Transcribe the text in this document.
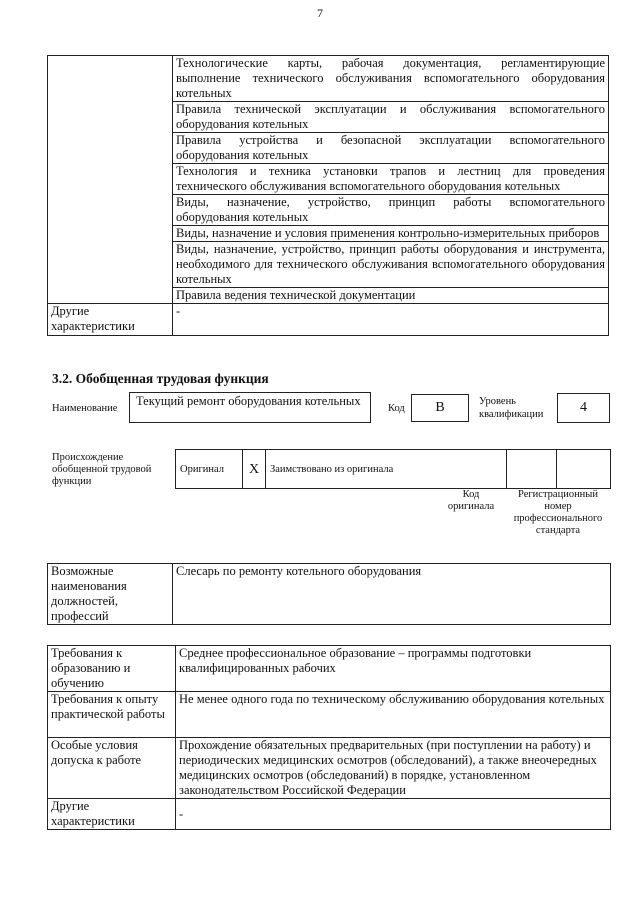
7
	Технологические карты, рабочая документация, регламентирующие выполнение технического обслуживания вспомогательного оборудования котельных
	Правила технической эксплуатации и обслуживания вспомогательного оборудования котельных
	Правила устройства и безопасной эксплуатации вспомогательного оборудования котельных
	Технология и техника установки трапов и лестниц для проведения технического обслуживания вспомогательного оборудования котельных
	Виды, назначение, устройство, принцип работы вспомогательного оборудования котельных
	Виды, назначение и условия применения контрольно-измерительных приборов
	Виды, назначение, устройство, принцип работы оборудования и инструмента, необходимого для технического обслуживания вспомогательного оборудования котельных
	Правила ведения технической документации
Другие характеристики	-
3.2. Обобщенная трудовая функция
Наименование
Текущий ремонт оборудования котельных
Код	В	Уровень квалификации	4
Происхождение обобщенной трудовой функции
Оригинал	X	Заимствовано из оригинала		
Код оригинала
Регистрационный номер профессионального стандарта
Возможные наименования должностей, профессий	Слесарь по ремонту котельного оборудования
Требования к образованию и обучению	Среднее профессиональное образование – программы подготовки квалифицированных рабочих
Требования к опыту практической работы	Не менее одного года по техническому обслуживанию оборудования котельных
Особые условия допуска к работе	Прохождение обязательных предварительных (при поступлении на работу) и периодических медицинских осмотров (обследований), а также внеочередных медицинских осмотров (обследований) в порядке, установленном законодательством Российской Федерации
Другие характеристики	-
